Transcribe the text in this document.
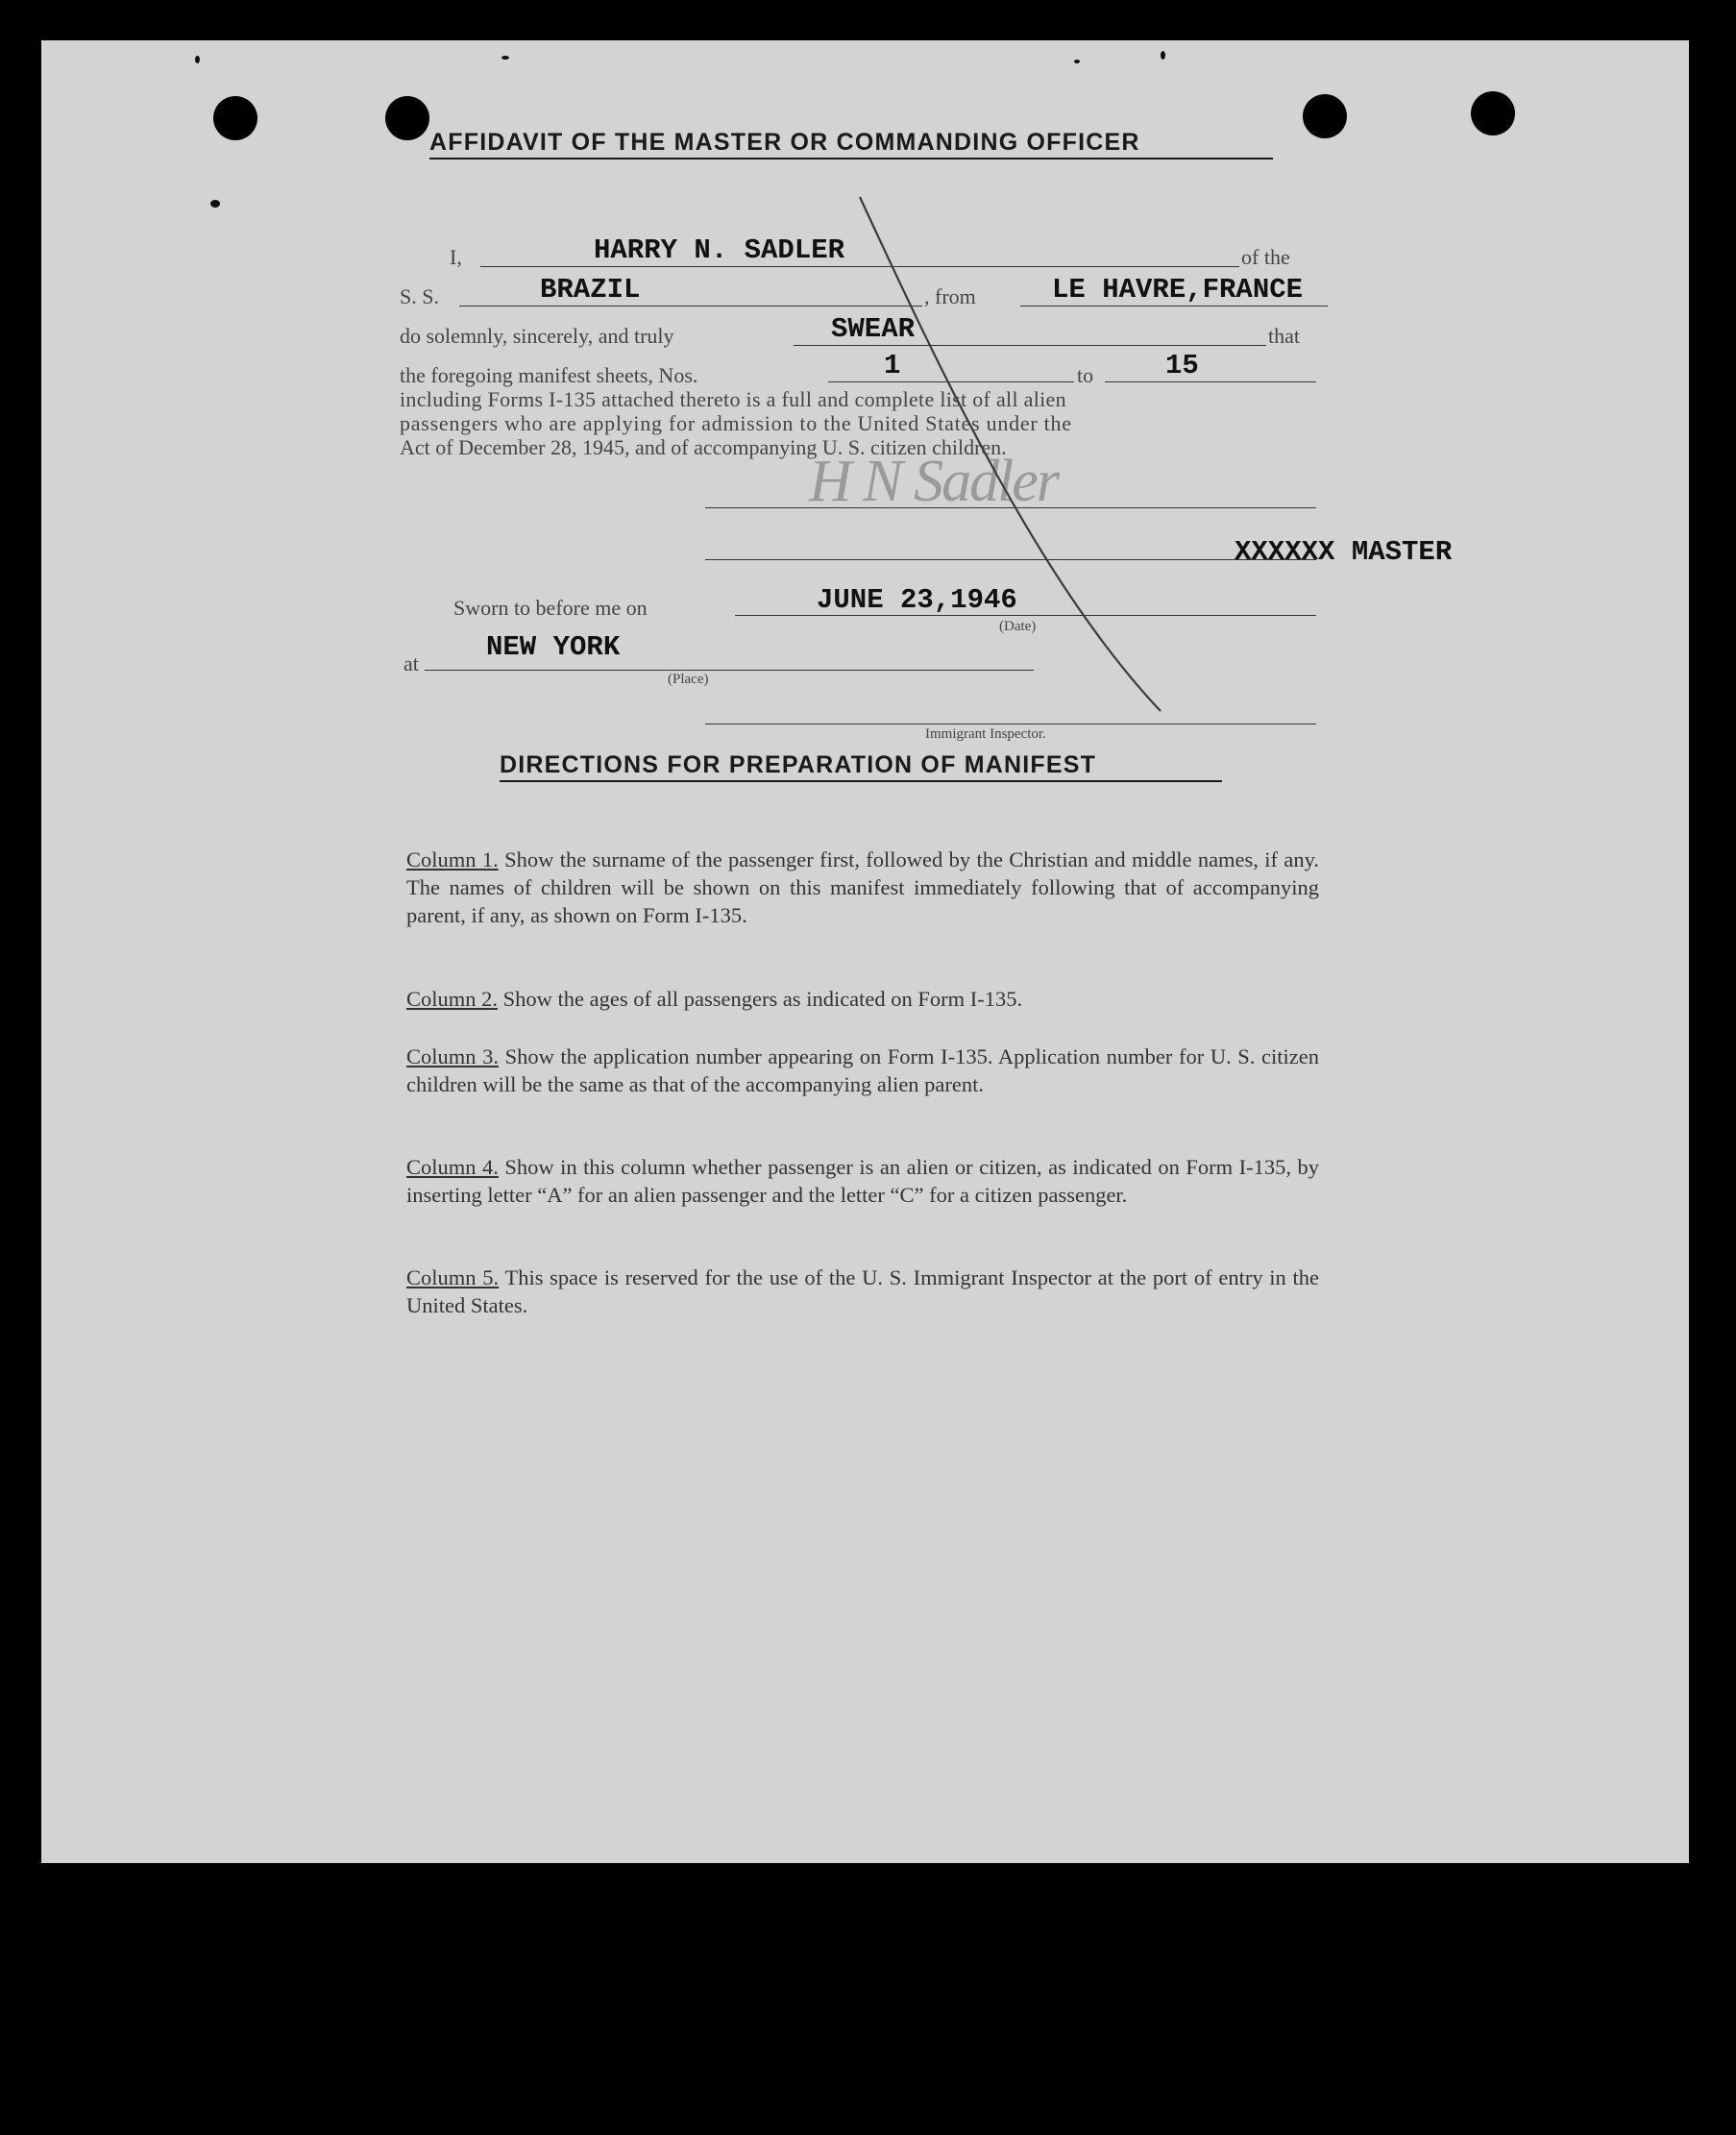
AFFIDAVIT OF THE MASTER OR COMMANDING OFFICER
I,	HARRY N. SADLER	of the
S. S.	BRAZIL	, from	LE HAVRE,FRANCE
do solemnly, sincerely, and truly	SWEAR	that
the foregoing manifest sheets, Nos.	1	to	15
including Forms I-135 attached thereto is a full and complete list of all alien
passengers who are applying for admission to the United States under the
Act of December 28, 1945, and of accompanying U. S. citizen children.
H N Sadler
XXXXXX MASTER
Sworn to before me on	JUNE 23,1946
(Date)
at
NEW YORK
(Place)
Immigrant Inspector.
DIRECTIONS FOR PREPARATION OF MANIFEST
Column 1. Show the surname of the passenger first, followed by the Christian and middle names, if any. The names of children will be shown on this manifest immediately following that of accompanying parent, if any, as shown on Form I-135.
Column 2. Show the ages of all passengers as indicated on Form I-135.
Column 3. Show the application number appearing on Form I-135. Application number for U. S. citizen children will be the same as that of the accompanying alien parent.
Column 4. Show in this column whether passenger is an alien or citizen, as indicated on Form I-135, by inserting letter “A” for an alien passenger and the letter “C” for a citizen passenger.
Column 5. This space is reserved for the use of the U. S. Immigrant Inspector at the port of entry in the United States.
